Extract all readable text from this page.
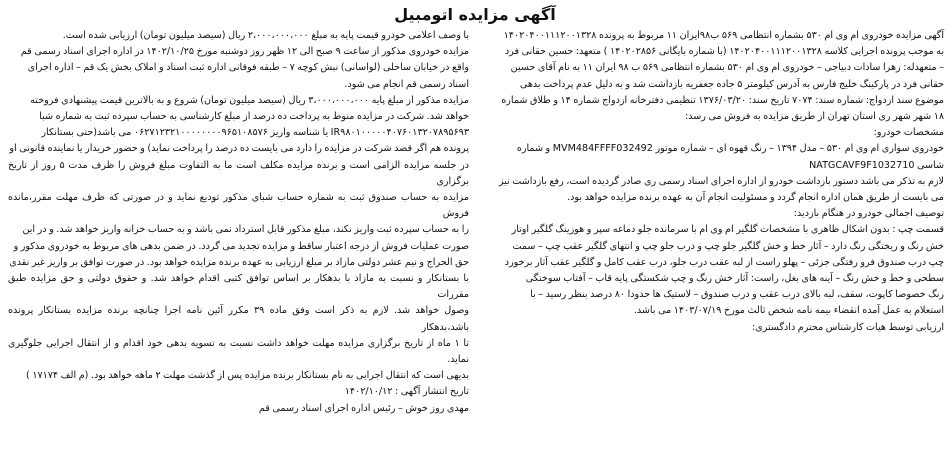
آگهی مزایده اتومبیل

آگهی مزایده خودروی ام وی ام ۵۳۰ بشماره انتظامی ۵۶۹ ب۹۸ایران ۱۱ مربوط به پرونده ۱۴۰۲۰۴۰۰۱۱۱۲۰۰۱۳۲۸

به موجب پرونده اجرایی کلاسه ۱۴۰۲۰۴۰۰۱۱۱۲۰۰۱۳۲۸ (با شماره بایگانی ۱۴۰۲۰۲۸۵۶ ) متعهد: حسین حقانی فرد

– متعهدله: زهرا سادات دبیاجی – خودروی ام وی ام ۵۳۰ بشماره انتظامی ۵۶۹ ب ۹۸ ایران ۱۱ به نام آقای حسین

حقانی فرد در پارکینگ خلیج فارس به آدرس کیلومتر ۵ جاده جعفریه بازداشت شد و به دلیل عدم پرداخت بدهی

موضوع سند ازدواج: شماره سند: ۷۰۷۴ تاریخ سند: ۱۳۷۶/۰۳/۲۰ تنظیمی دفترخانه ازدواج شماره ۱۴ و طلاق شماره

۱۸ شهر شهر ری استان تهران از طریق مزایده به فروش می رسد:

مشخصات خودرو:

خودروی سواری ام وی ام ۵۳۰ – مدل ۱۳۹۴ – رنگ قهوه ای – شماره موتور MVM484FFFF032492 و شماره

شاسی NATGCAVF9F1032710

لازم به تذکر می باشد دستور بازداشت خودرو از اداره اجرای اسناد رسمی ری صادر گردیده است، رفع بازداشت نیز

می بایست از طریق همان اداره انجام گردد و مسئولیت انجام آن به عهده برنده مزایده خواهد بود.

توصیف اجمالی خودرو در هنگام بازدید:

قسمت چپ : بدون اشکال ظاهری با مشخصات گلگیر ام وی ام با سرمانده جلو دماغه سپر و هوزینگ گلگیر اوتار

خش رنگ و ریختگی رنگ دارد – آثار خط و خش گلگیر جلو چپ و درب جلو چپ و انتهای گلگیر عقب چپ – سمت

چپ درب صندوق فرو رفتگی جزئی – پهلو راست از لبه عقب درب جلو، درب عقب کامل و گلگیر عقب آثار برخورد

سطحی و خط و خش رنگ – آینه های بغل، راست: آثار خش رنگ و چپ شکستگی پایه قاب – آفتاب سوختگی

رنگ خصوصا کاپوت، سقف، لبه بالای درب عقب و درب صندوق – لاستیک ها حدودا ۸۰ درصد بنظر رسید – با

استعلام به عمل آمده انقضاء بیمه نامه شخص ثالث مورخ ۱۴۰۳/۰۷/۱۹ می باشد.

ارزیابی توسط هیات کارشناس محترم دادگستری:

با وصف اعلامی خودرو قیمت پایه به مبلغ ۲،۰۰۰،۰۰۰،۰۰۰ ریال (سیصد میلیون تومان) ارزیابی شده است.

مزایده خودروی مذکور از ساعت ۹ صبح الی ۱۲ ظهر روز دوشنبه مورخ ۱۴۰۲/۱۰/۲۵ در اداره اجرای اسناد رسمی قم

واقع در خیابان ساحلی (لواسانی) نبش کوچه ۷ – طبقه فوقانی اداره ثبت اسناد و املاک بخش یک قم – اداره اجرای

اسناد رسمی قم انجام می شود.

مزایده مذکور از مبلغ پایه ۳،۰۰۰،۰۰۰،۰۰۰ ریال (سیصد میلیون تومان) شروع و به بالاترین قیمت پیشنهادی فروخته

خواهد شد. شرکت در مزایده منوط به پرداخت ده درصد از مبلغ کارشناسی به حساب سپرده ثبت به شماره شبا

IR۹۸۰۱۰۰۰۰۰۴۰۷۶۰۱۳۲۰۷۸۹۵۶۹۳ یا شناسه واریز ۰۶۲۷۱۲۳۲۱۰۰۰۰۰۰۰۰۹۶۵۱۰۸۵۷۶ می باشد(حتی بستانکار

پرونده هم اگر قصد شرکت در مزایده را دارد می بایست ده درصد را پرداخت نماید) و حضور خریدار یا نماینده قانونی او

در جلسه مزایده الزامی است و برنده مزایده مکلف است ما به التفاوت مبلغ فروش را ظرف مدت ۵ روز از تاریخ برگزاری

مزایده به حساب صندوق ثبت به شماره حساب شبای مذکور تودیع نماید و در صورتی که ظرف مهلت مقرر،مانده فروش

را به حساب سپرده ثبت واریز نکند، مبلغ مذکور قابل استرداد نمی باشد و به حساب خزانه واریز خواهد شد. و در این

صورت عملیات فروش از درجه اعتبار ساقط و مزایده تجدید می گردد. در ضمن بدهی های مربوط به خودروی مذکور و

حق الحراج و نیم عشر دولتی مازاد بر مبلغ ارزیابی به عهده برنده مزایده خواهد بود. در صورت توافق بر واریز غیر نقدی

با بستانکار و نسبت به مازاد با بدهکار بر اساس توافق کتبی اقدام خواهد شد. و حقوق دولتی و حق مزایده طبق مقررات

وصول خواهد شد. لازم به ذکر است وفق ماده ۳۹ مکرر آئین نامه اجرا چنانچه برنده مزایده بستانکار پرونده باشد،بدهکار

تا ۱ ماه از تاریخ برگزاری مزایده مهلت خواهد داشت نسبت به تسویه بدهی خود اقدام و از انتقال اجرایی جلوگیری نماید.

بدیهی است که انتقال اجرایی به نام بستانکار برنده مزایده پس از گذشت مهلت ۲ ماهه خواهد بود. (م الف ۱۷۱۷۴ )

تاریخ انتشار آگهی : ۱۴۰۲/۱۰/۱۲

مهدی روز خوش – رئیس اداره اجرای اسناد رسمی قم
